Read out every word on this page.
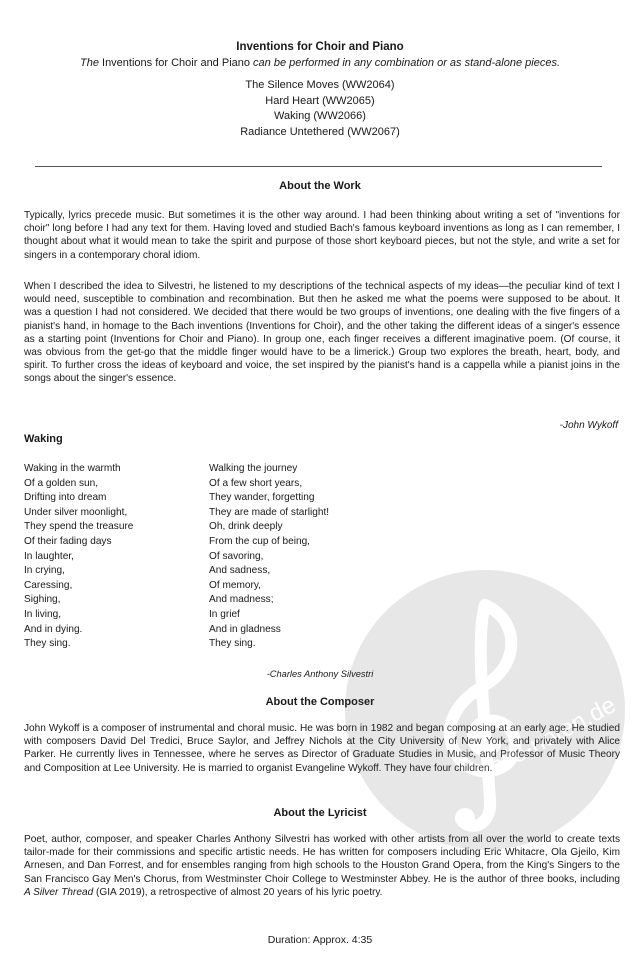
Inventions for Choir and Piano
The Inventions for Choir and Piano can be performed in any combination or as stand-alone pieces.
The Silence Moves (WW2064)
Hard Heart (WW2065)
Waking (WW2066)
Radiance Untethered (WW2067)
About the Work
Typically, lyrics precede music. But sometimes it is the other way around. I had been thinking about writing a set of "inventions for choir" long before I had any text for them. Having loved and studied Bach's famous keyboard inventions as long as I can remember, I thought about what it would mean to take the spirit and purpose of those short keyboard pieces, but not the style, and write a set for singers in a contemporary choral idiom.
When I described the idea to Silvestri, he listened to my descriptions of the technical aspects of my ideas—the peculiar kind of text I would need, susceptible to combination and recombination. But then he asked me what the poems were supposed to be about. It was a question I had not considered. We decided that there would be two groups of inventions, one dealing with the five fingers of a pianist's hand, in homage to the Bach inventions (Inventions for Choir), and the other taking the different ideas of a singer's essence as a starting point (Inventions for Choir and Piano). In group one, each finger receives a different imaginative poem. (Of course, it was obvious from the get-go that the middle finger would have to be a limerick.) Group two explores the breath, heart, body, and spirit. To further cross the ideas of keyboard and voice, the set inspired by the pianist's hand is a cappella while a pianist joins in the songs about the singer's essence.
-John Wykoff
Waking
Waking in the warmth
Of a golden sun,
Drifting into dream
Under silver moonlight,
They spend the treasure
Of their fading days
In laughter,
In crying,
Caressing,
Sighing,
In living,
And in dying.
They sing.
Walking the journey
Of a few short years,
They wander, forgetting
They are made of starlight!
Oh, drink deeply
From the cup of being,
Of savoring,
And sadness,
Of memory,
And madness;
In grief
And in gladness
They sing.
-Charles Anthony Silvestri
About the Composer
John Wykoff is a composer of instrumental and choral music. He was born in 1982 and began composing at an early age. He studied with composers David Del Tredici, Bruce Saylor, and Jeffrey Nichols at the City University of New York, and privately with Alice Parker. He currently lives in Tennessee, where he serves as Director of Graduate Studies in Music, and Professor of Music Theory and Composition at Lee University. He is married to organist Evangeline Wykoff. They have four children.
About the Lyricist
Poet, author, composer, and speaker Charles Anthony Silvestri has worked with other artists from all over the world to create texts tailor-made for their commissions and specific artistic needs. He has written for composers including Eric Whitacre, Ola Gjeilo, Kim Arnesen, and Dan Forrest, and for ensembles ranging from high schools to the Houston Grand Opera, from the King's Singers to the San Francisco Gay Men's Chorus, from Westminster Choir College to Westminster Abbey. He is the author of three books, including A Silver Thread (GIA 2019), a retrospective of almost 20 years of his lyric poetry.
Duration: Approx. 4:35
alle-noten.de
